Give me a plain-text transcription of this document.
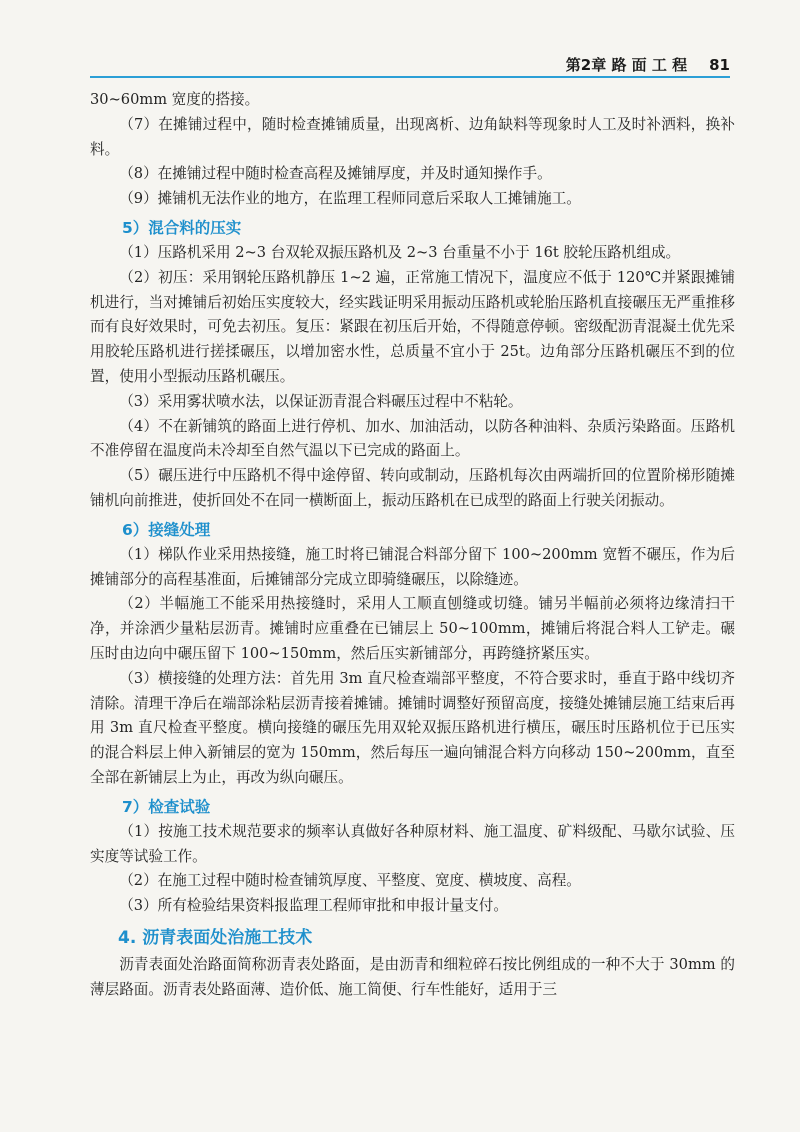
第2章 路 面 工 程 81

30~60mm 宽度的搭接。

（7）在摊铺过程中，随时检查摊铺质量，出现离析、边角缺料等现象时人工及时补洒料，换补料。

（8）在摊铺过程中随时检查高程及摊铺厚度，并及时通知操作手。

（9）摊铺机无法作业的地方，在监理工程师同意后采取人工摊铺施工。

5）混合料的压实

（1）压路机采用 2~3 台双轮双振压路机及 2~3 台重量不小于 16t 胶轮压路机组成。

（2）初压：采用钢轮压路机静压 1~2 遍，正常施工情况下，温度应不低于 120℃并紧跟摊铺机进行，当对摊铺后初始压实度较大，经实践证明采用振动压路机或轮胎压路机直接碾压无严重推移而有良好效果时，可免去初压。复压：紧跟在初压后开始，不得随意停顿。密级配沥青混凝土优先采用胶轮压路机进行搓揉碾压，以增加密水性，总质量不宜小于 25t。边角部分压路机碾压不到的位置，使用小型振动压路机碾压。

（3）采用雾状喷水法，以保证沥青混合料碾压过程中不粘轮。

（4）不在新铺筑的路面上进行停机、加水、加油活动，以防各种油料、杂质污染路面。压路机不准停留在温度尚未冷却至自然气温以下已完成的路面上。

（5）碾压进行中压路机不得中途停留、转向或制动，压路机每次由两端折回的位置阶梯形随摊铺机向前推进，使折回处不在同一横断面上，振动压路机在已成型的路面上行驶关闭振动。

6）接缝处理

（1）梯队作业采用热接缝，施工时将已铺混合料部分留下 100~200mm 宽暂不碾压，作为后摊铺部分的高程基准面，后摊铺部分完成立即骑缝碾压，以除缝迹。

（2）半幅施工不能采用热接缝时，采用人工顺直刨缝或切缝。铺另半幅前必须将边缘清扫干净，并涂洒少量粘层沥青。摊铺时应重叠在已铺层上 50~100mm，摊铺后将混合料人工铲走。碾压时由边向中碾压留下 100~150mm，然后压实新铺部分，再跨缝挤紧压实。

（3）横接缝的处理方法：首先用 3m 直尺检查端部平整度，不符合要求时，垂直于路中线切齐清除。清理干净后在端部涂粘层沥青接着摊铺。摊铺时调整好预留高度，接缝处摊铺层施工结束后再用 3m 直尺检查平整度。横向接缝的碾压先用双轮双振压路机进行横压，碾压时压路机位于已压实的混合料层上伸入新铺层的宽为 150mm，然后每压一遍向铺混合料方向移动 150~200mm，直至全部在新铺层上为止，再改为纵向碾压。

7）检查试验

（1）按施工技术规范要求的频率认真做好各种原材料、施工温度、矿料级配、马歇尔试验、压实度等试验工作。

（2）在施工过程中随时检查铺筑厚度、平整度、宽度、横坡度、高程。

（3）所有检验结果资料报监理工程师审批和申报计量支付。

4. 沥青表面处治施工技术

沥青表面处治路面简称沥青表处路面，是由沥青和细粒碎石按比例组成的一种不大于 30mm 的薄层路面。沥青表处路面薄、造价低、施工简便、行车性能好，适用于三
